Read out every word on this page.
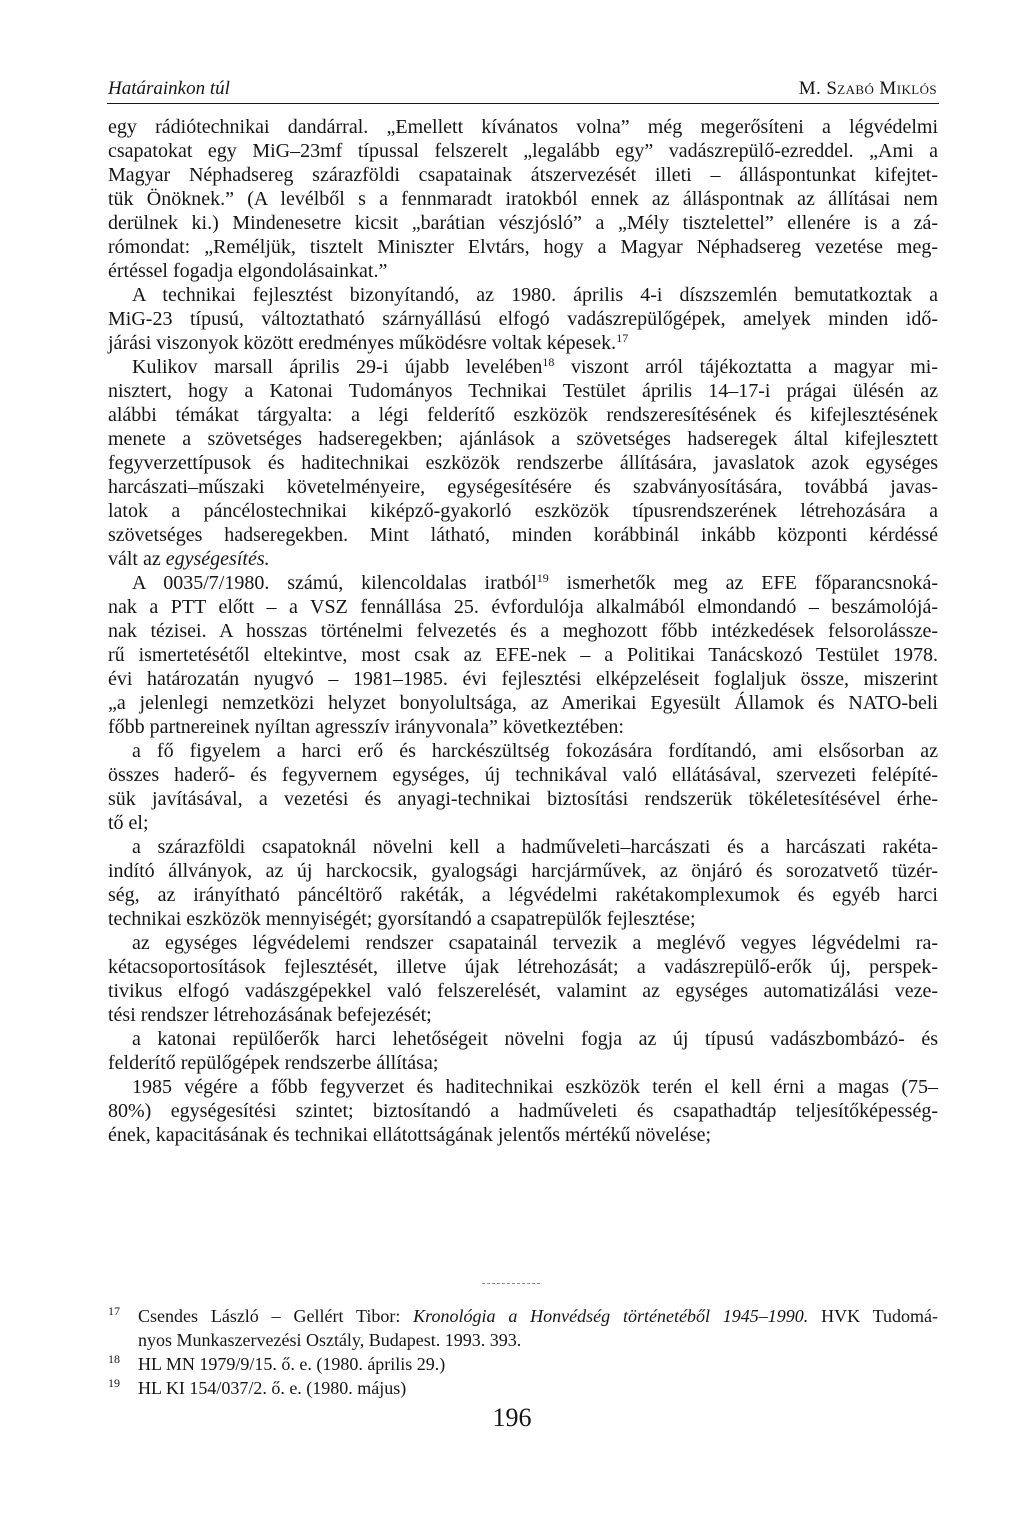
Határainkon túl	M. Szabó Miklós
egy rádiótechnikai dandárral. „Emellett kívánatos volna” még megerősíteni a légvédelmi
csapatokat egy MiG–23mf típussal felszerelt „legalább egy” vadászrepülő-ezreddel. „Ami a
Magyar Néphadsereg szárazföldi csapatainak átszervezését illeti – álláspontunkat kifejtet-
tük Önöknek.” (A levélből s a fennmaradt iratokból ennek az álláspontnak az állításai nem
derülnek ki.) Mindenesetre kicsit „barátian vészjósló” a „Mély tisztelettel” ellenére is a zá-
rómondat: „Reméljük, tisztelt Miniszter Elvtárs, hogy a Magyar Néphadsereg vezetése meg-
értéssel fogadja elgondolásainkat.”
A technikai fejlesztést bizonyítandó, az 1980. április 4-i díszszemlén bemutatkoztak a
MiG-23 típusú, változtatható szárnyállású elfogó vadászrepülőgépek, amelyek minden idő-
járási viszonyok között eredményes működésre voltak képesek.$^{17}$
Kulikov marsall április 29-i újabb levelében$^{18}$ viszont arról tájékoztatta a magyar mi-
nisztert, hogy a Katonai Tudományos Technikai Testület április 14–17-i prágai ülésén az
alábbi témákat tárgyalta: a légi felderítő eszközök rendszeresítésének és kifejlesztésének
menete a szövetséges hadseregekben; ajánlások a szövetséges hadseregek által kifejlesztett
fegyverzettípusok és haditechnikai eszközök rendszerbe állítására, javaslatok azok egységes
harcászati–műszaki követelményeire, egységesítésére és szabványosítására, továbbá javas-
latok a páncélostechnikai kiképző-gyakorló eszközök típusrendszerének létrehozására a
szövetséges hadseregekben. Mint látható, minden korábbinál inkább központi kérdéssé
vált az egységesítés.
A 0035/7/1980. számú, kilencoldalas iratból$^{19}$ ismerhetők meg az EFE főparancsnoká-
nak a PTT előtt – a VSZ fennállása 25. évfordulója alkalmából elmondandó – beszámolójá-
nak tézisei. A hosszas történelmi felvezetés és a meghozott főbb intézkedések felsorolássze-
rű ismertetésétől eltekintve, most csak az EFE-nek – a Politikai Tanácskozó Testület 1978.
évi határozatán nyugvó – 1981–1985. évi fejlesztési elképzeléseit foglaljuk össze, miszerint
„a jelenlegi nemzetközi helyzet bonyolultsága, az Amerikai Egyesült Államok és NATO-beli
főbb partnereinek nyíltan agresszív irányvonala” következtében:
a fő figyelem a harci erő és harckészültség fokozására fordítandó, ami elsősorban az
összes haderő- és fegyvernem egységes, új technikával való ellátásával, szervezeti felépíté-
sük javításával, a vezetési és anyagi-technikai biztosítási rendszerük tökéletesítésével érhe-
tő el;
a szárazföldi csapatoknál növelni kell a hadműveleti–harcászati és a harcászati rakéta-
indító állványok, az új harckocsik, gyalogsági harcjárművek, az önjáró és sorozatvető tüzér-
ség, az irányítható páncéltörő rakéták, a légvédelmi rakétakomplexumok és egyéb harci
technikai eszközök mennyiségét; gyorsítandó a csapatrepülők fejlesztése;
az egységes légvédelemi rendszer csapatainál tervezik a meglévő vegyes légvédelmi ra-
kétacsoportosítások fejlesztését, illetve újak létrehozását; a vadászrepülő-erők új, perspek-
tivikus elfogó vadászgépekkel való felszerelését, valamint az egységes automatizálási veze-
tési rendszer létrehozásának befejezését;
a katonai repülőerők harci lehetőségeit növelni fogja az új típusú vadászbombázó- és
felderítő repülőgépek rendszerbe állítása;
1985 végére a főbb fegyverzet és haditechnikai eszközök terén el kell érni a magas (75–
80%) egységesítési szintet; biztosítandó a hadműveleti és csapathadtáp teljesítőképesség-
ének, kapacitásának és technikai ellátottságának jelentős mértékű növelése;
17 Csendes László – Gellért Tibor: Kronológia a Honvédség történetéből 1945–1990. HVK Tudomá-
nyos Munkaszervezési Osztály, Budapest. 1993. 393.
18 HL MN 1979/9/15. ő. e. (1980. április 29.)
19 HL KI 154/037/2. ő. e. (1980. május)
196
